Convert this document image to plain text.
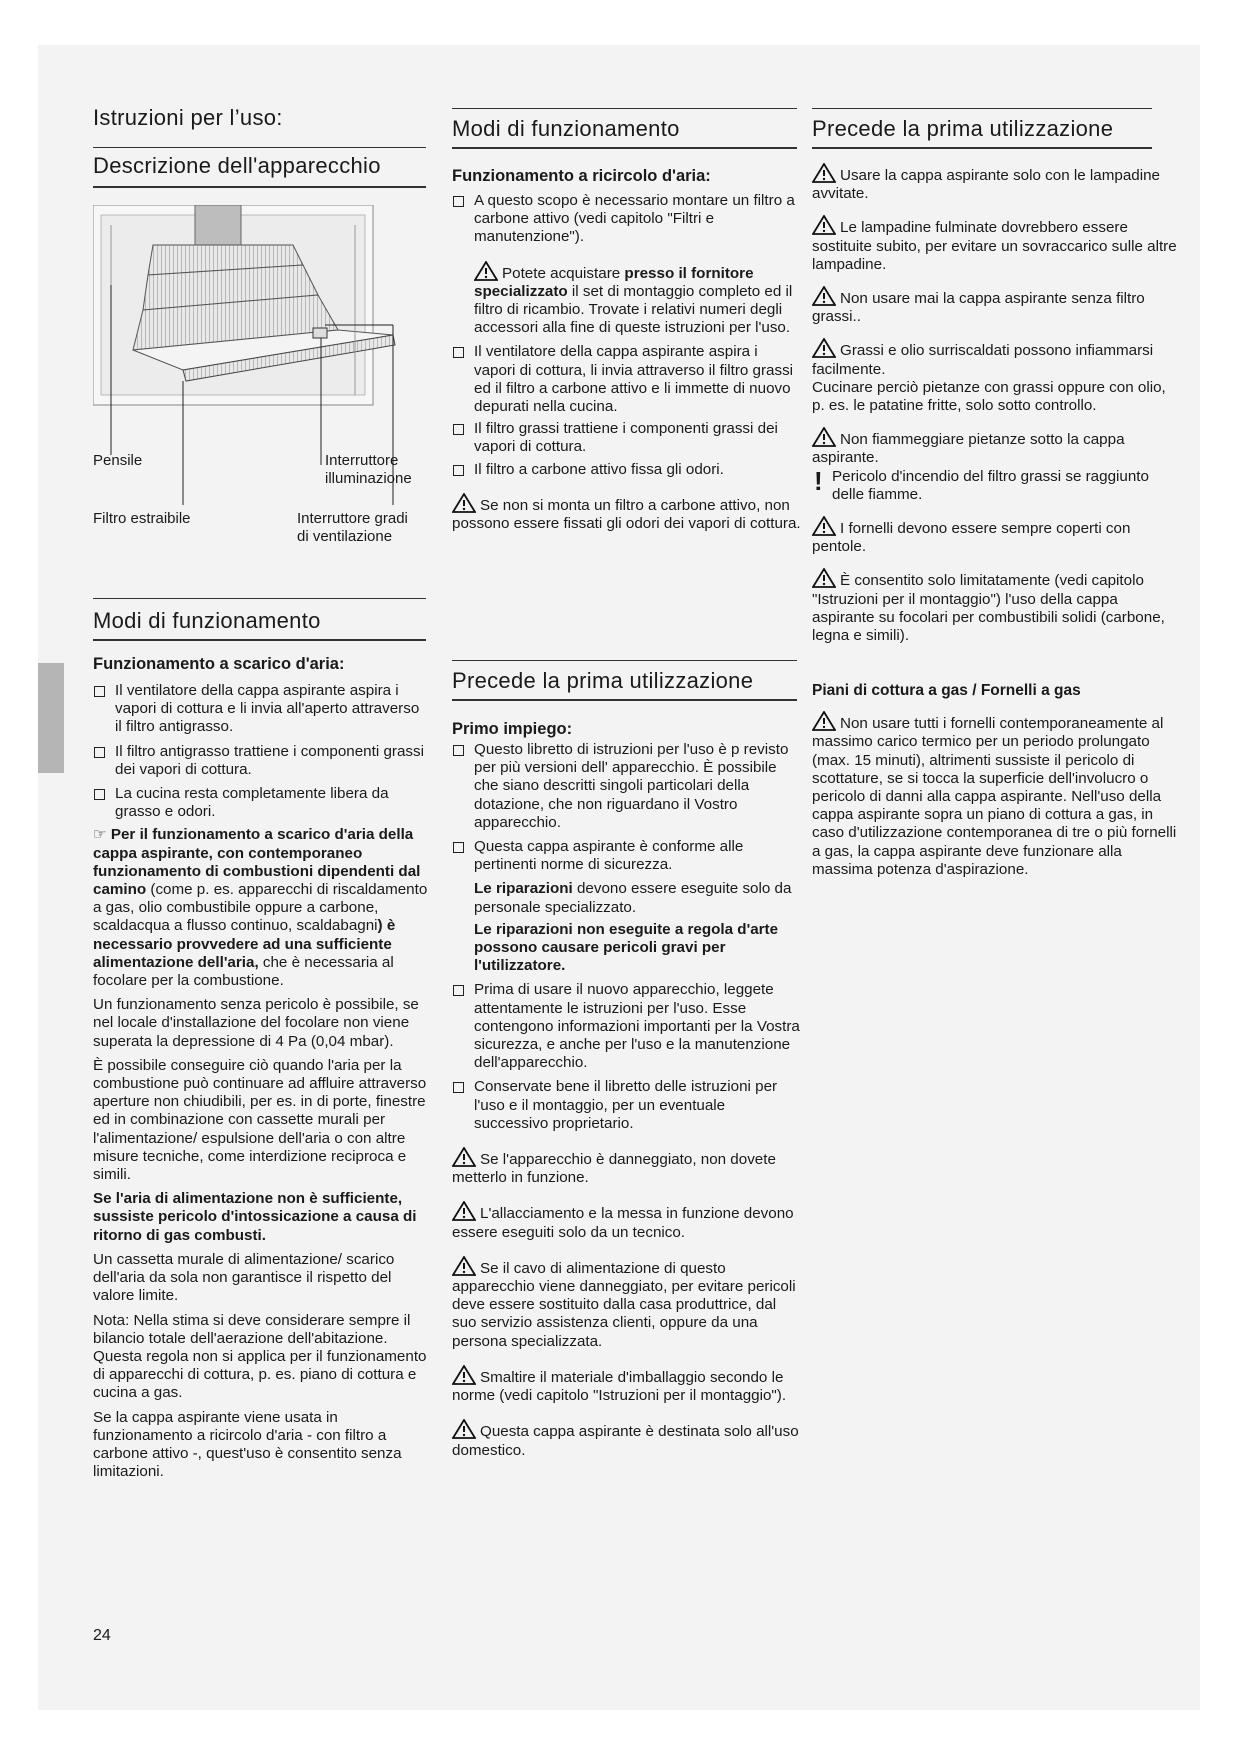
Istruzioni per l’uso:
Descrizione dell'apparecchio
Pensile	Interruttore
illuminazione
Filtro estraibile	Interruttore gradi
di ventilazione
Modi di funzionamento
Funzionamento a scarico d'aria:
Il ventilatore della cappa aspirante aspira i vapori di cottura e li invia all'aperto attraverso il filtro antigrasso.
Il filtro antigrasso trattiene i componenti grassi dei vapori di cottura.
La cucina resta completamente libera da grasso e odori.

☞ Per il funzionamento a scarico d'aria della cappa aspirante, con contemporaneo funzionamento di combustioni dipendenti dal camino (come p. es. apparecchi di riscaldamento a gas, olio combustibile oppure a carbone, scaldacqua a flusso continuo, scaldabagni) è necessario provvedere ad una sufficiente alimentazione dell'aria, che è necessaria al focolare per la combustione.

Un funzionamento senza pericolo è possibile, se nel locale d'installazione del focolare non viene superata la depressione di 4 Pa (0,04 mbar).

È possibile conseguire ciò quando l'aria per la combustione può continuare ad affluire attraverso aperture non chiudibili, per es. in di porte, finestre ed in combinazione con cassette murali per l'alimentazione/ espulsione dell'aria o con altre misure tecniche, come interdizione reciproca e simili.

Se l'aria di alimentazione non è sufficiente, sussiste pericolo d'intossicazione a causa di ritorno di gas combusti.

Un cassetta murale di alimentazione/ scarico dell'aria da sola non garantisce il rispetto del valore limite.

Nota: Nella stima si deve considerare sempre il bilancio totale dell'aerazione dell'abitazione. Questa regola non si applica per il funzionamento di apparecchi di cottura, p. es. piano di cottura e cucina a gas.

Se la cappa aspirante viene usata in funzionamento a ricircolo d'aria - con filtro a carbone attivo -, quest'uso è consentito senza limitazioni.

24
Modi di funzionamento
Funzionamento a ricircolo d'aria:
A questo scopo è necessario montare un filtro a carbone attivo (vedi capitolo "Filtri e manutenzione").

Potete acquistare presso il fornitore specializzato il set di montaggio completo ed il filtro di ricambio. Trovate i relativi numeri degli accessori alla fine di queste istruzioni per l'uso.

Il ventilatore della cappa aspirante aspira i vapori di cottura, li invia attraverso il filtro grassi ed il filtro a carbone attivo e li immette di nuovo depurati nella cucina.
Il filtro grassi trattiene i componenti grassi dei vapori di cottura.
Il filtro a carbone attivo fissa gli odori.

Se non si monta un filtro a carbone attivo, non possono essere fissati gli odori dei vapori di cottura.

Precede la prima utilizzazione
Primo impiego:
Questo libretto di istruzioni per l'uso è p revisto per più versioni dell' apparecchio. È possibile che siano descritti singoli particolari della dotazione, che non riguardano il Vostro apparecchio.
Questa cappa aspirante è conforme alle pertinenti norme di sicurezza.

Le riparazioni devono essere eseguite solo da personale specializzato.

Le riparazioni non eseguite a regola d'arte possono causare pericoli gravi per l'utilizzatore.

Prima di usare il nuovo apparecchio, leggete attentamente le istruzioni per l'uso. Esse contengono informazioni importanti per la Vostra sicurezza, e anche per l'uso e la manutenzione dell'apparecchio.
Conservate bene il libretto delle istruzioni per l'uso e il montaggio, per un eventuale successivo proprietario.

Se l'apparecchio è danneggiato, non dovete metterlo in funzione.

L'allacciamento e la messa in funzione devono essere eseguiti solo da un tecnico.

Se il cavo di alimentazione di questo apparecchio viene danneggiato, per evitare pericoli deve essere sostituito dalla casa produttrice, dal suo servizio assistenza clienti, oppure da una persona specializzata.

Smaltire il materiale d'imballaggio secondo le norme (vedi capitolo "Istruzioni per il montaggio").

Questa cappa aspirante è destinata solo all'uso domestico.

Precede la prima utilizzazione

Usare la cappa aspirante solo con le lampadine avvitate.

Le lampadine fulminate dovrebbero essere sostituite subito, per evitare un sovraccarico sulle altre lampadine.

Non usare mai la cappa aspirante senza filtro grassi..

Grassi e olio surriscaldati possono infiammarsi facilmente.

Cucinare perciò pietanze con grassi oppure con olio, p. es. le patatine fritte, solo sotto controllo.

Non fiammeggiare pietanze sotto la cappa aspirante.

! Pericolo d'incendio del filtro grassi se raggiunto delle fiamme.

I fornelli devono essere sempre coperti con pentole.

È consentito solo limitatamente (vedi capitolo "Istruzioni per il montaggio") l'uso della cappa aspirante su focolari per combustibili solidi (carbone, legna e simili).

Piani di cottura a gas / Fornelli a gas

Non usare tutti i fornelli contemporaneamente al massimo carico termico per un periodo prolungato (max. 15 minuti), altrimenti sussiste il pericolo di scottature, se si tocca la superficie dell'involucro o pericolo di danni alla cappa aspirante. Nell'uso della cappa aspirante sopra un piano di cottura a gas, in caso d'utilizzazione contemporanea di tre o più fornelli a gas, la cappa aspirante deve funzionare alla massima potenza d'aspirazione.
